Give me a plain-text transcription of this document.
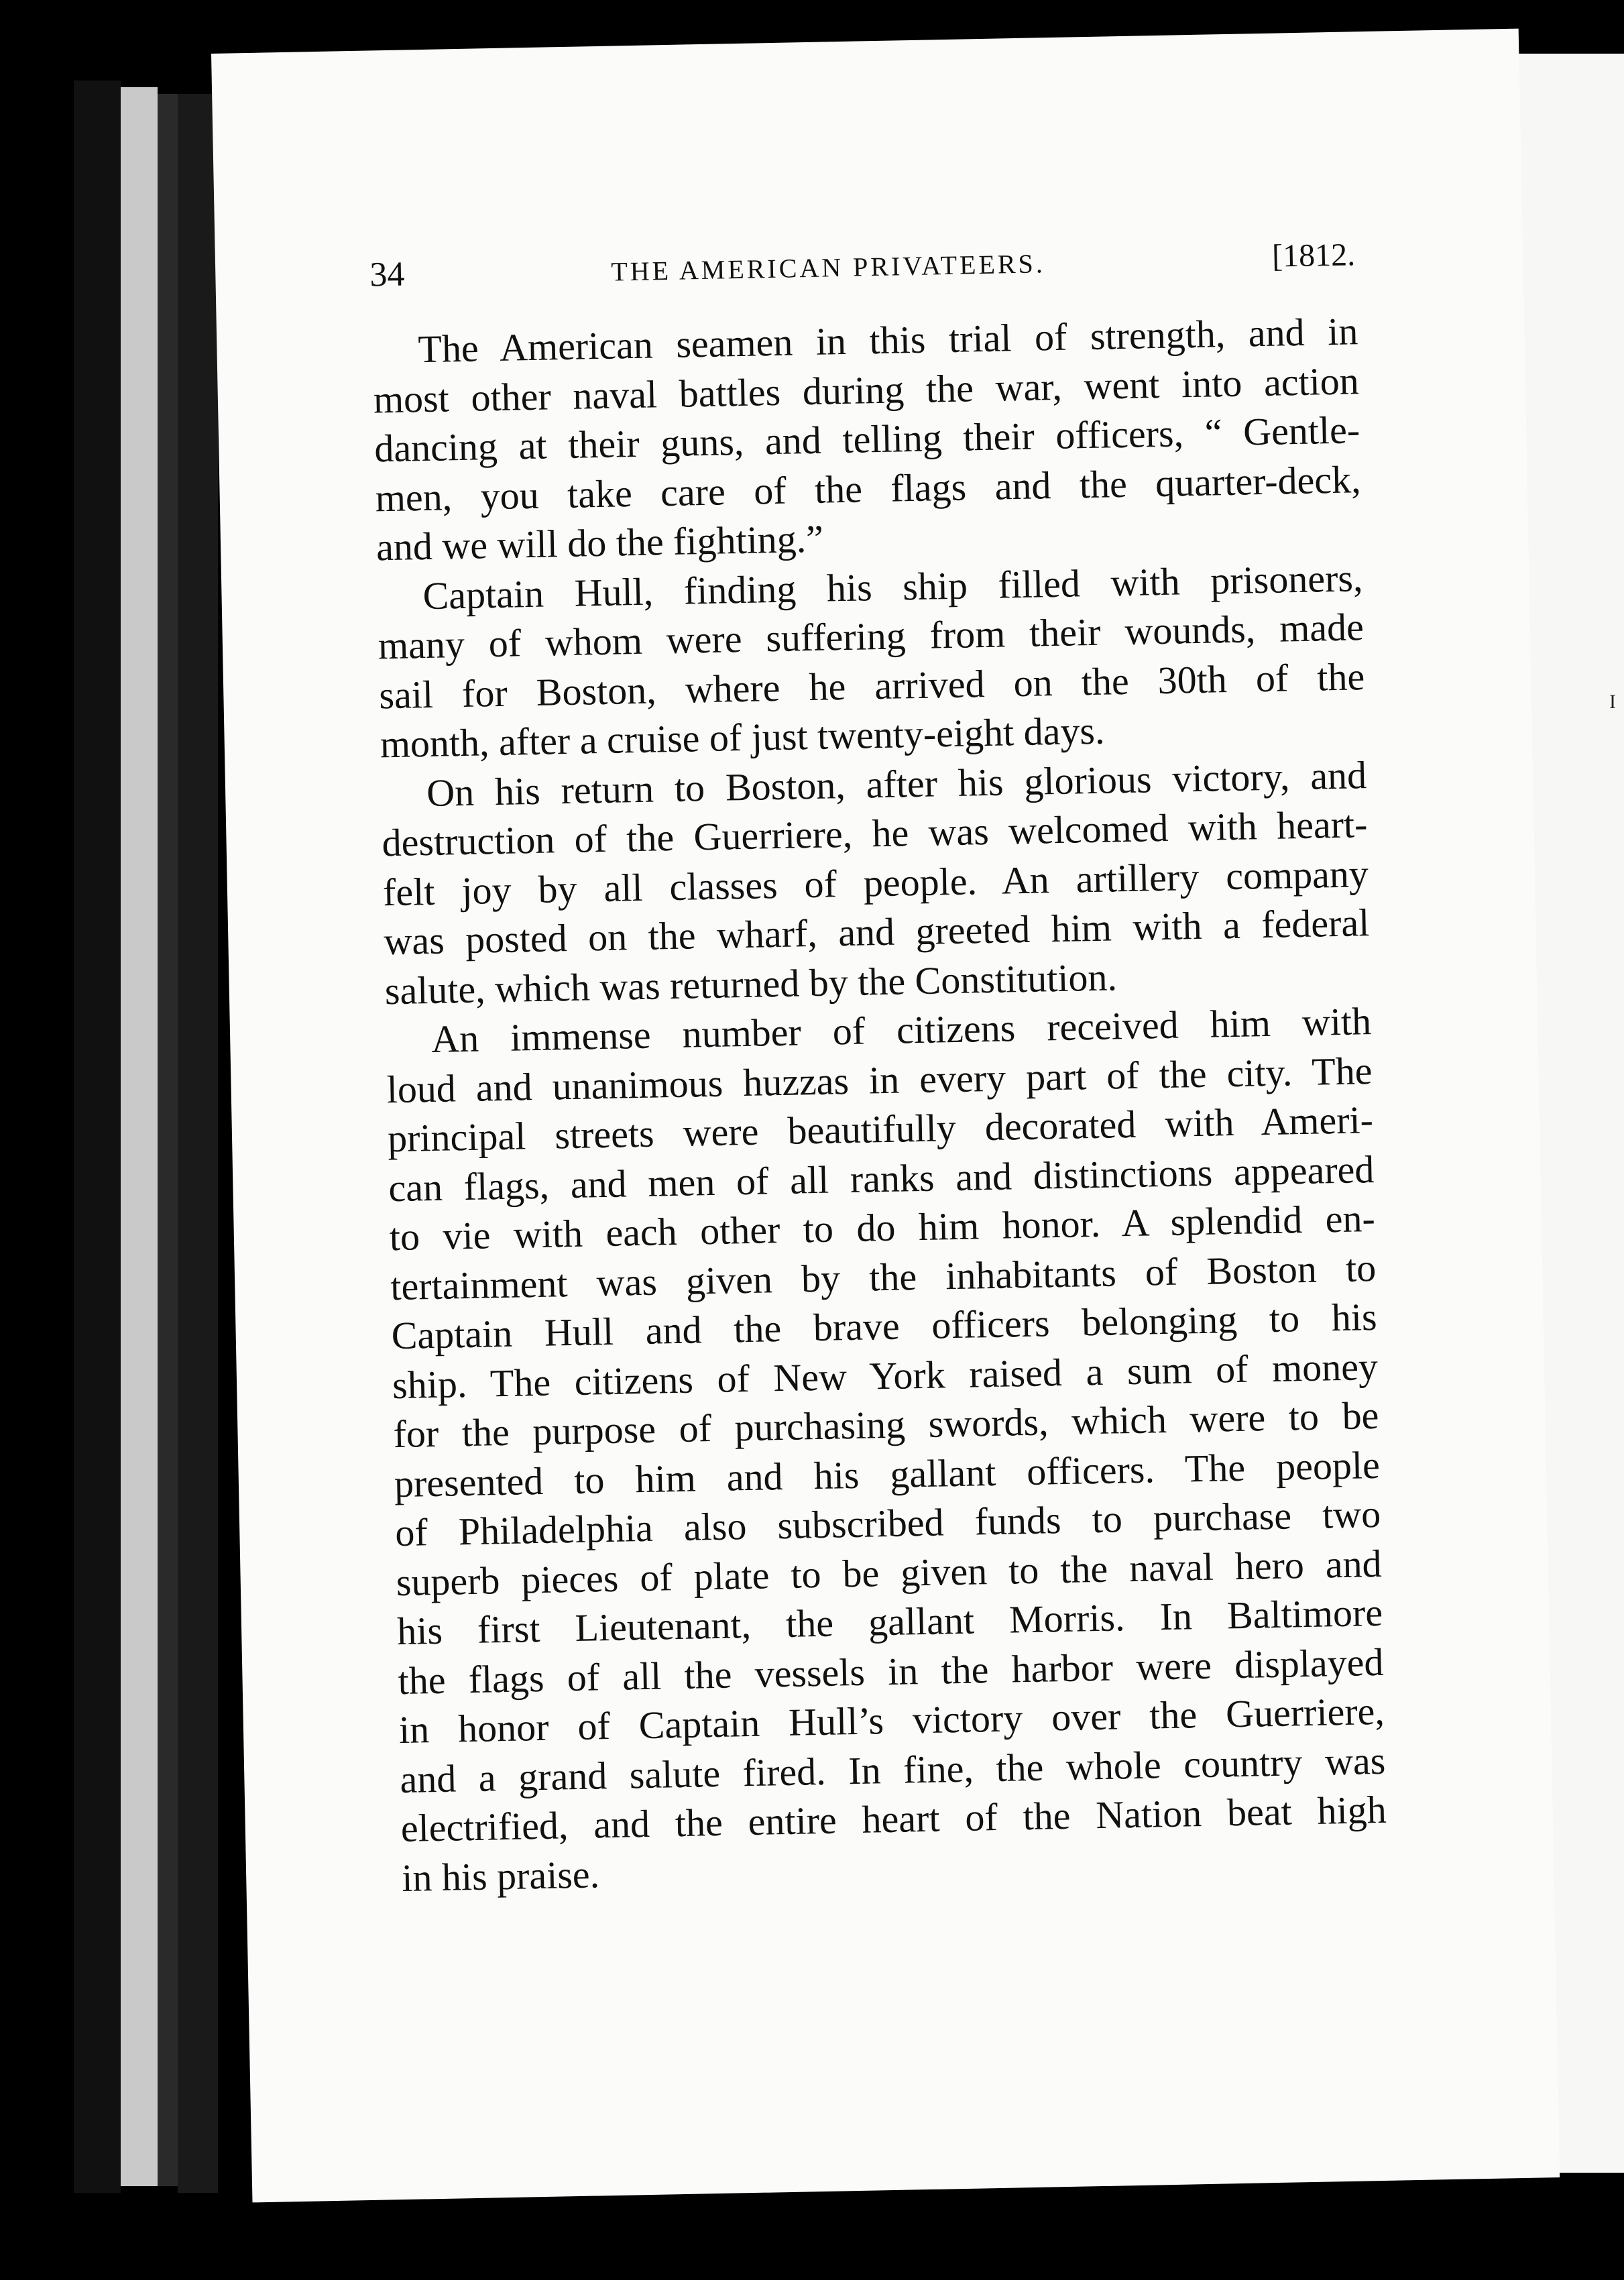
I
34	THE AMERICAN PRIVATEERS.	[1812.
The American seamen in this trial of strength, and in
most other naval battles during the war, went into action
dancing at their guns, and telling their officers, “ Gentle-
men, you take care of the flags and the quarter-deck,
and we will do the fighting.”
Captain Hull, finding his ship filled with prisoners,
many of whom were suffering from their wounds, made
sail for Boston, where he arrived on the 30th of the
month, after a cruise of just twenty-eight days.
On his return to Boston, after his glorious victory, and
destruction of the Guerriere, he was welcomed with heart-
felt joy by all classes of people. An artillery company
was posted on the wharf, and greeted him with a federal
salute, which was returned by the Constitution.
An immense number of citizens received him with
loud and unanimous huzzas in every part of the city. The
principal streets were beautifully decorated with Ameri-
can flags, and men of all ranks and distinctions appeared
to vie with each other to do him honor. A splendid en-
tertainment was given by the inhabitants of Boston to
Captain Hull and the brave officers belonging to his
ship. The citizens of New York raised a sum of money
for the purpose of purchasing swords, which were to be
presented to him and his gallant officers. The people
of Philadelphia also subscribed funds to purchase two
superb pieces of plate to be given to the naval hero and
his first Lieutenant, the gallant Morris. In Baltimore
the flags of all the vessels in the harbor were displayed
in honor of Captain Hull’s victory over the Guerriere,
and a grand salute fired. In fine, the whole country was
electrified, and the entire heart of the Nation beat high
in his praise.
